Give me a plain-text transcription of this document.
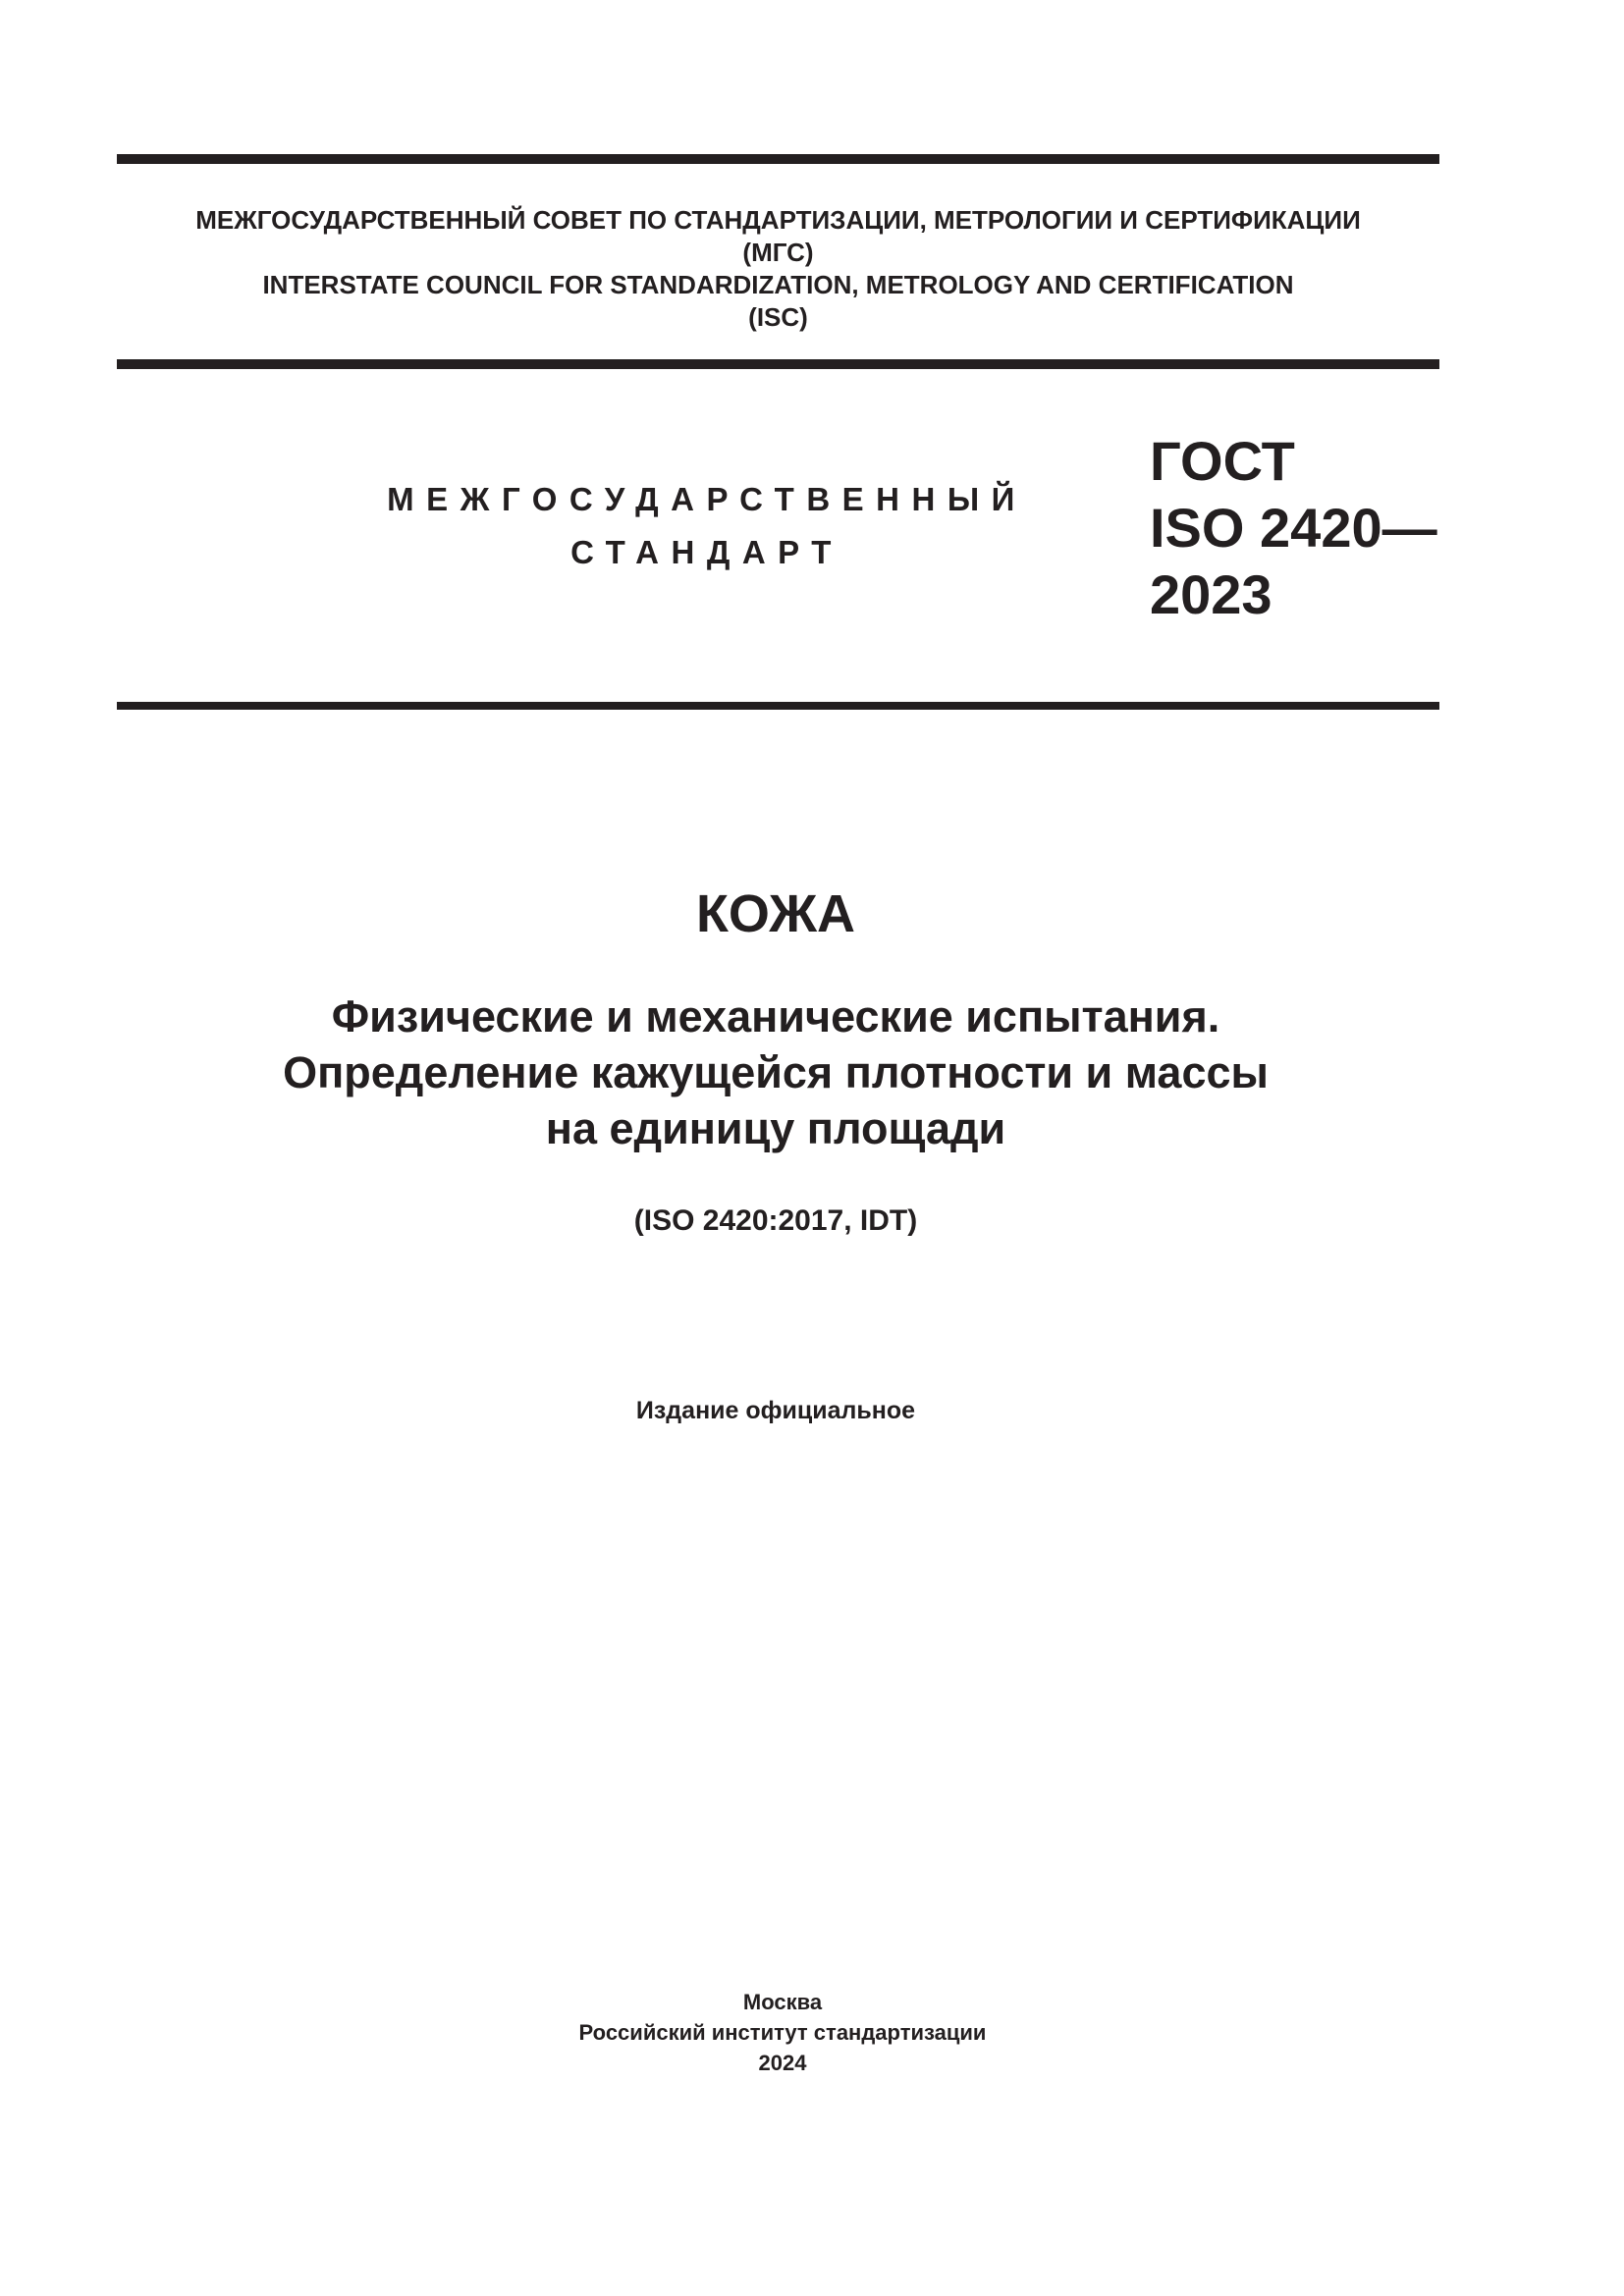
МЕЖГОСУДАРСТВЕННЫЙ СОВЕТ ПО СТАНДАРТИЗАЦИИ, МЕТРОЛОГИИ И СЕРТИФИКАЦИИ
(МГС)
INTERSTATE COUNCIL FOR STANDARDIZATION, METROLOGY AND CERTIFICATION
(ISC)
МЕЖГОСУДАРСТВЕННЫЙ
СТАНДАРТ
ГОСТ
ISO 2420—
2023
КОЖА
Физические и механические испытания.
Определение кажущейся плотности и массы
на единицу площади
(ISO 2420:2017, IDT)
Издание официальное
Москва
Российский институт стандартизации
2024
